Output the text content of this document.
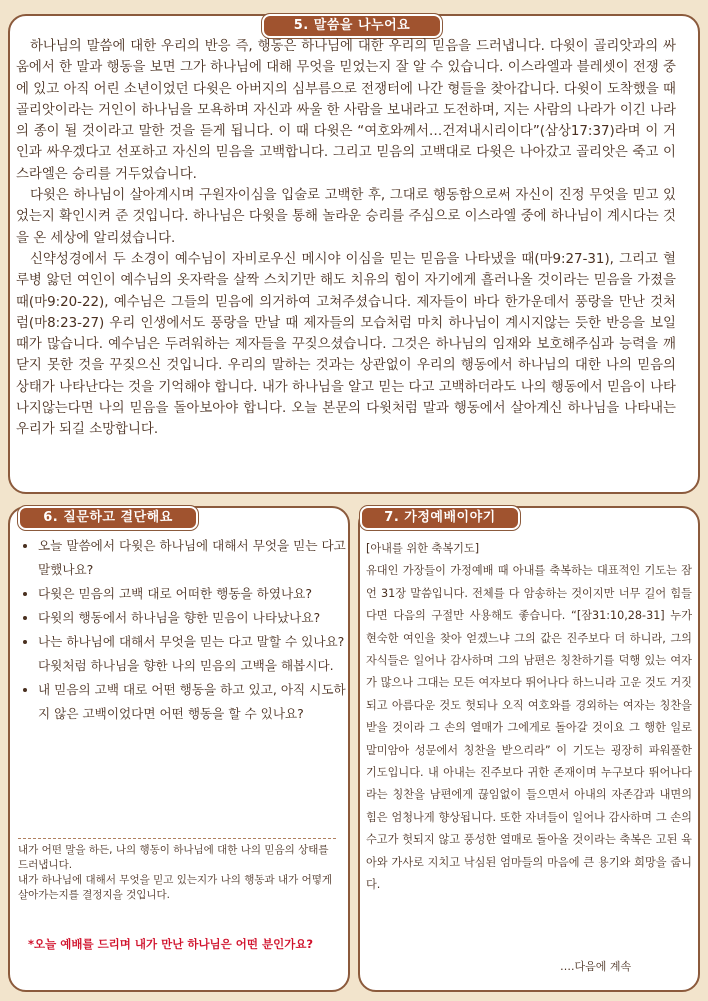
5. 말씀을 나누어요

하나님의 말씀에 대한 우리의 반응 즉, 행동은 하나님에 대한 우리의 믿음을 드러냅니다. 다윗이 골리앗과의 싸움에서 한 말과 행동을 보면 그가 하나님에 대해 무엇을 믿었는지 잘 알 수 있습니다. 이스라엘과 블레셋이 전쟁 중에 있고 아직 어린 소년이었던 다윗은 아버지의 심부름으로 전쟁터에 나간 형들을 찾아갑니다. 다윗이 도착했을 때 골리앗이라는 거인이 하나님을 모욕하며 자신과 싸울 한 사람을 보내라고 도전하며, 지는 사람의 나라가 이긴 나라의 종이 될 것이라고 말한 것을 듣게 됩니다. 이 때 다윗은 “여호와께서…건져내시리이다”(삼상17:37)라며 이 거인과 싸우겠다고 선포하고 자신의 믿음을 고백합니다. 그리고 믿음의 고백대로 다윗은 나아갔고 골리앗은 죽고 이스라엘은 승리를 거두었습니다.

다윗은 하나님이 살아계시며 구원자이심을 입술로 고백한 후, 그대로 행동함으로써 자신이 진정 무엇을 믿고 있었는지 확인시켜 준 것입니다. 하나님은 다윗을 통해 놀라운 승리를 주심으로 이스라엘 중에 하나님이 계시다는 것을 온 세상에 알리셨습니다.

신약성경에서 두 소경이 예수님이 자비로우신 메시야 이심을 믿는 믿음을 나타냈을 때(마9:27-31), 그리고 혈루병 앓던 여인이 예수님의 옷자락을 살짝 스치기만 해도 치유의 힘이 자기에게 흘러나올 것이라는 믿음을 가졌을 때(마9:20-22), 예수님은 그들의 믿음에 의거하여 고쳐주셨습니다. 제자들이 바다 한가운데서 풍랑을 만난 것처럼(마8:23-27) 우리 인생에서도 풍랑을 만날 때 제자들의 모습처럼 마치 하나님이 계시지않는 듯한 반응을 보일 때가 많습니다. 예수님은 두려워하는 제자들을 꾸짖으셨습니다. 그것은 하나님의 임재와 보호해주심과 능력을 깨닫지 못한 것을 꾸짖으신 것입니다. 우리의 말하는 것과는 상관없이 우리의 행동에서 하나님의 대한 나의 믿음의 상태가 나타난다는 것을 기억해야 합니다. 내가 하나님을 알고 믿는 다고 고백하더라도 나의 행동에서 믿음이 나타나지않는다면 나의 믿음을 돌아보아야 합니다. 오늘 본문의 다윗처럼 말과 행동에서 살아계신 하나님을 나타내는 우리가 되길 소망합니다.

6. 질문하고 결단해요
• 오늘 말씀에서 다윗은 하나님에 대해서 무엇을 믿는 다고 말했나요?
• 다윗은 믿음의 고백 대로 어떠한 행동을 하였나요?
• 다윗의 행동에서 하나님을 향한 믿음이 나타났나요?
• 나는 하나님에 대해서 무엇을 믿는 다고 말할 수 있나요? 다윗처럼 하나님을 향한 나의 믿음의 고백을 해봅시다.
• 내 믿음의 고백 대로 어떤 행동을 하고 있고, 아직 시도하지 않은 고백이었다면 어떤 행동을 할 수 있나요?

내가 어떤 말을 하든, 나의 행동이 하나님에 대한 나의 믿음의 상태를 드러냅니다.

내가 하나님에 대해서 무엇을 믿고 있는지가 나의 행동과 내가 어떻게 살아가는지를 결정지을 것입니다.

*오늘 예배를 드리며 내가 만난 하나님은 어떤 분인가요?
7. 가정예배이야기

[아내를 위한 축복기도]

유대인 가장들이 가정예배 때 아내를 축복하는 대표적인 기도는 잠언 31장 말씀입니다. 전체를 다 암송하는 것이지만 너무 길어 힘들다면 다음의 구절만 사용해도 좋습니다. “[잠31:10,28-31] 누가 현숙한 여인을 찾아 얻겠느냐 그의 값은 진주보다 더 하니라, 그의 자식들은 일어나 감사하며 그의 남편은 칭찬하기를 덕행 있는 여자가 많으나 그대는 모든 여자보다 뛰어나다 하느니라 고운 것도 거짓되고 아름다운 것도 헛되나 오직 여호와를 경외하는 여자는 칭찬을 받을 것이라 그 손의 열매가 그에게로 돌아갈 것이요 그 행한 일로 말미암아 성문에서 칭찬을 받으리라” 이 기도는 굉장히 파워풀한 기도입니다. 내 아내는 진주보다 귀한 존재이며 누구보다 뛰어나다라는 칭찬을 남편에게 끊임없이 들으면서 아내의 자존감과 내면의 힘은 엄청나게 향상됩니다. 또한 자녀들이 일어나 감사하며 그 손의 수고가 헛되지 않고 풍성한 열매로 돌아올 것이라는 축복은 고된 육아와 가사로 지치고 낙심된 엄마들의 마음에 큰 용기와 희망을 줍니다.

….다음에 계속
